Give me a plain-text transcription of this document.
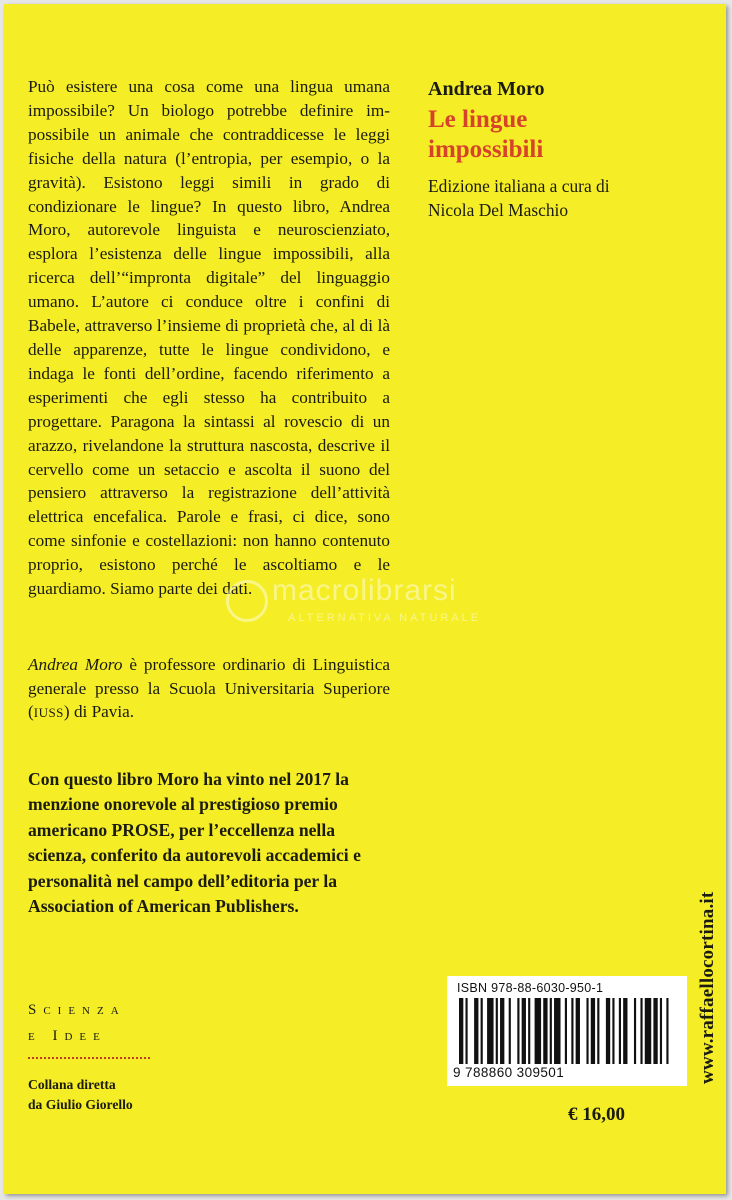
Può esistere una cosa come una lingua umana impossibile? Un biologo potrebbe definire impossibile un animale che contraddicesse le leggi fisiche della natura (l’entropia, per esempio, o la gravità). Esistono leggi simili in grado di condizionare le lingue? In questo libro, Andrea Moro, autorevole linguista e neuroscienziato, esplora l’esistenza delle lingue impossibili, alla ricerca dell’“impronta digitale” del linguaggio umano. L’autore ci conduce oltre i confini di Babele, attraverso l’insieme di proprietà che, al di là delle apparenze, tutte le lingue condividono, e indaga le fonti dell’ordine, facendo riferimento a esperimenti che egli stesso ha contribuito a progettare. Paragona la sintassi al rovescio di un arazzo, rivelandone la struttura nascosta, descrive il cervello come un setaccio e ascolta il suono del pensiero attraverso la registrazione dell’attività elettrica encefalica. Parole e frasi, ci dice, sono come sinfonie e costellazioni: non hanno contenuto proprio, esistono perché le ascoltiamo e le guardiamo. Siamo parte dei dati.

Andrea Moro è professore ordinario di Linguistica generale presso la Scuola Universitaria Superiore (IUSS) di Pavia.

Con questo libro Moro ha vinto nel 2017 la menzione onorevole al prestigioso premio americano PROSE, per l’eccellenza nella scienza, conferito da autorevoli accademici e personalità nel campo dell’editoria per la Association of American Publishers.

Andrea Moro
Le lingue
impossibili
Edizione italiana a cura di
Nicola Del Maschio
Scienza
e Idee
Collana diretta
da Giulio Giorello
ISBN 978-88-6030-950-1
9 788860 309501
€ 16,00
www.raffaellocortina.it
macrolibrarsi
ALTERNATIVA NATURALE
